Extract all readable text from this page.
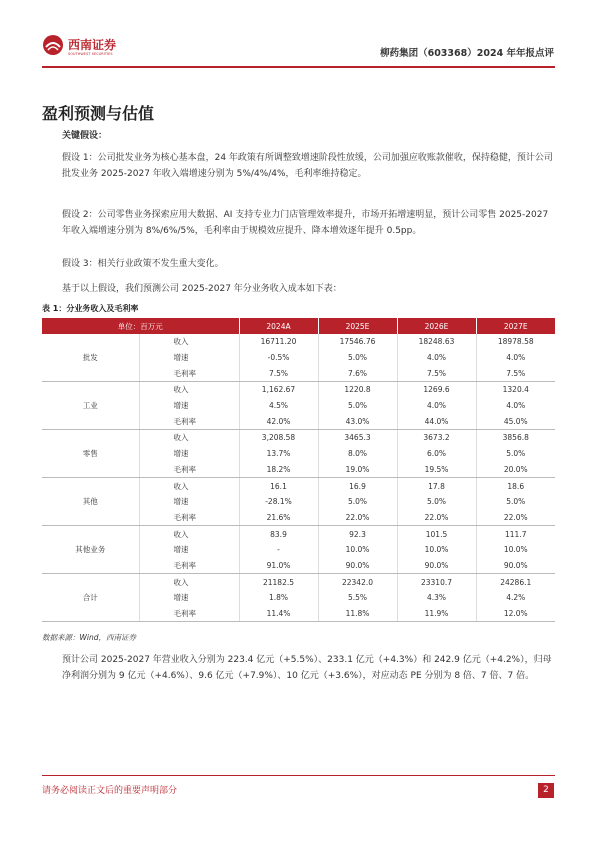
西南证券
SOUTHWEST SECURITIES	柳药集团（603368）2024 年年报点评
盈利预测与估值
关键假设：
假设 1：公司批发业务为核心基本盘，24 年政策有所调整致增速阶段性放缓，公司加强应收账款催收，保持稳健，预计公司批发业务 2025-2027 年收入端增速分别为 5%/4%/4%，毛利率维持稳定。
假设 2：公司零售业务探索应用大数据、AI 支持专业力门店管理效率提升，市场开拓增速明显，预计公司零售 2025-2027 年收入端增速分别为 8%/6%/5%，毛利率由于规模效应提升、降本增效逐年提升 0.5pp。
假设 3：相关行业政策不发生重大变化。
基于以上假设，我们预测公司 2025-2027 年分业务收入成本如下表：
表 1：分业务收入及毛利率
单位：百万元		2024A	2025E	2026E	2027E
批发	收入	16711.20	17546.76	18248.63	18978.58
	增速	-0.5%	5.0%	4.0%	4.0%
	毛利率	7.5%	7.6%	7.5%	7.5%
工业	收入	1,162.67	1220.8	1269.6	1320.4
	增速	4.5%	5.0%	4.0%	4.0%
	毛利率	42.0%	43.0%	44.0%	45.0%
零售	收入	3,208.58	3465.3	3673.2	3856.8
	增速	13.7%	8.0%	6.0%	5.0%
	毛利率	18.2%	19.0%	19.5%	20.0%
其他	收入	16.1	16.9	17.8	18.6
	增速	-28.1%	5.0%	5.0%	5.0%
	毛利率	21.6%	22.0%	22.0%	22.0%
其他业务	收入	83.9	92.3	101.5	111.7
	增速	-	10.0%	10.0%	10.0%
	毛利率	91.0%	90.0%	90.0%	90.0%
合计	收入	21182.5	22342.0	23310.7	24286.1
	增速	1.8%	5.5%	4.3%	4.2%
	毛利率	11.4%	11.8%	11.9%	12.0%
数据来源：Wind，西南证券
预计公司 2025-2027 年营业收入分别为 223.4 亿元（+5.5%）、233.1 亿元（+4.3%）和 242.9 亿元（+4.2%），归母净利润分别为 9 亿元（+4.6%）、9.6 亿元（+7.9%）、10 亿元（+3.6%），对应动态 PE 分别为 8 倍、7 倍、7 倍。
请务必阅读正文后的重要声明部分	2
